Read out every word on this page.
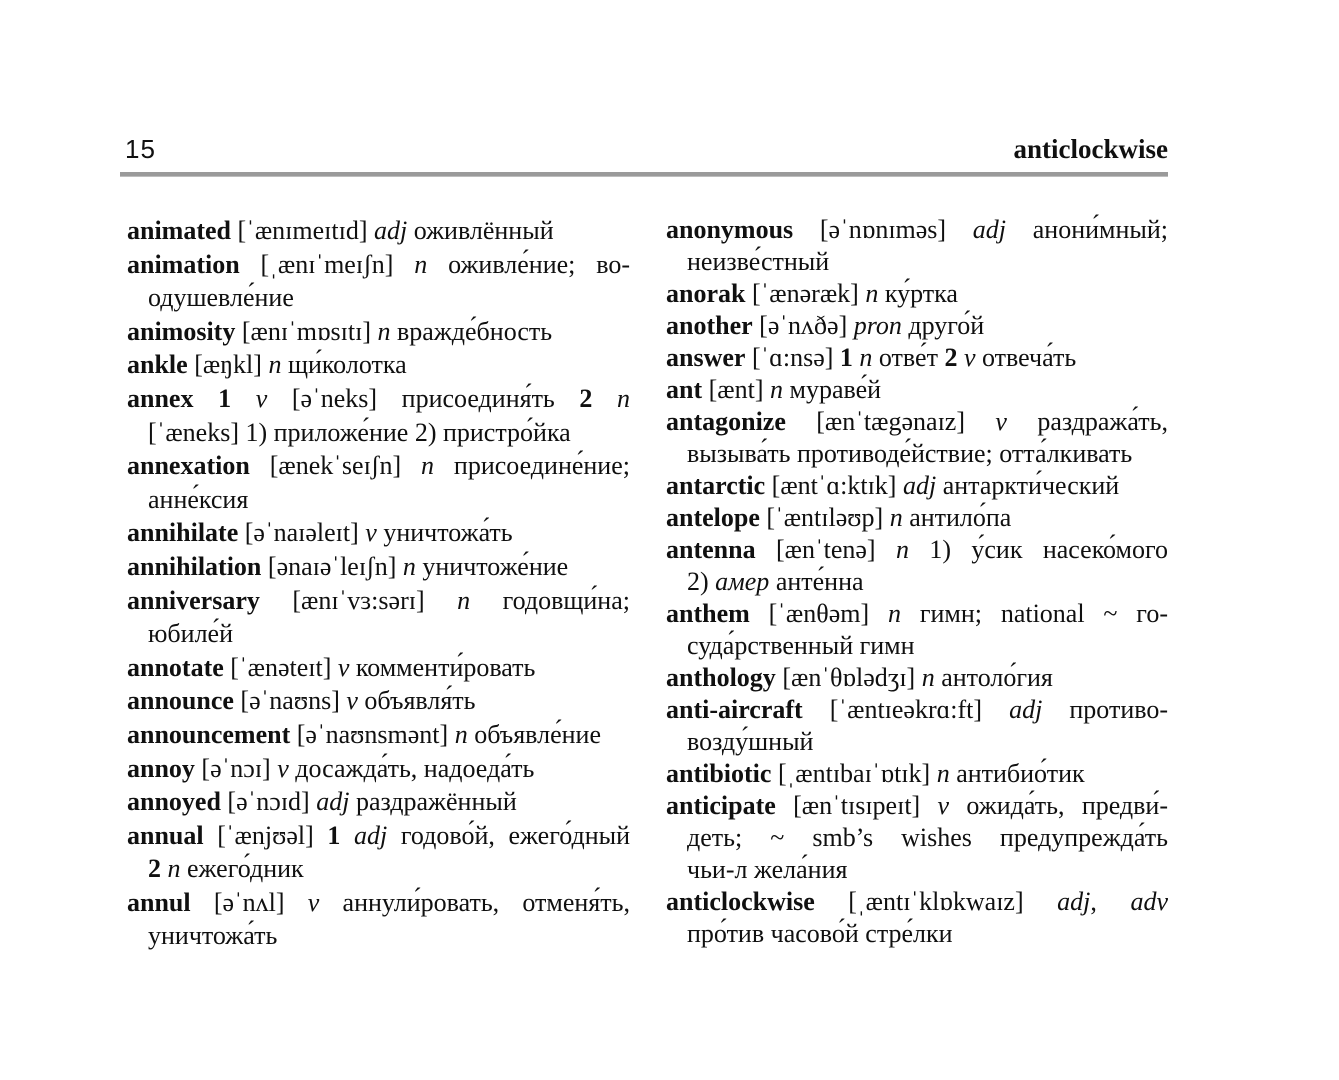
15	anticlockwise
animated [ˈænɪmeɪtɪd] adj оживлённый
animation [ˌænɪˈmeɪʃn] n оживле́ние; во-
одушевле́ние
animosity [ænɪˈmɒsɪtɪ] n вражде́бность
ankle [æŋkl] n щи́колотка
annex 1 v [əˈneks] присоединя́ть 2 n
[ˈæneks] 1) приложе́ние 2) пристро́йка
annexation [ænekˈseɪʃn] n присоедине́ние;
анне́ксия
annihilate [əˈnaɪəleɪt] v уничтожа́ть
annihilation [ənaɪəˈleɪʃn] n уничтоже́ние
anniversary [ænɪˈvɜ:sərɪ] n годовщи́на;
юбиле́й
annotate [ˈænəteɪt] v комменти́ровать
announce [əˈnaʊns] v объявля́ть
announcement [əˈnaʊnsmənt] n объявле́ние
annoy [əˈnɔɪ] v досажда́ть, надоеда́ть
annoyed [əˈnɔɪd] adj раздражённый
annual [ˈænjʊəl] 1 adj годово́й, ежего́дный
2 n ежего́дник
annul [əˈnʌl] v аннули́ровать, отменя́ть,
уничтожа́ть
anonymous [əˈnɒnɪməs] adj анони́мный;
неизве́стный
anorak [ˈænəræk] n ку́ртка
another [əˈnʌðə] pron друго́й
answer [ˈɑ:nsə] 1 n отве́т 2 v отвеча́ть
ant [ænt] n мураве́й
antagonize [ænˈtægənaɪz] v раздража́ть,
вызыва́ть противоде́йствие; отта́лкивать
antarctic [æntˈɑ:ktɪk] adj антаркти́ческий
antelope [ˈæntɪləʊp] n антило́па
antenna [ænˈtenə] n 1) у́сик насеко́мого
2) амер анте́нна
anthem [ˈænθəm] n гимн; national ~ го-
суда́рственный гимн
anthology [ænˈθɒlədʒɪ] n антоло́гия
anti-aircraft [ˈæntɪeəkrɑ:ft] adj противо-
возду́шный
antibiotic [ˌæntɪbaɪˈɒtɪk] n антибио́тик
anticipate [ænˈtɪsɪpeɪt] v ожида́ть, предви́-
деть; ~ smb’s wishes предупрежда́ть
чьи-л жела́ния
anticlockwise [ˌæntɪˈklɒkwaɪz] adj, adv
про́тив часово́й стре́лки
